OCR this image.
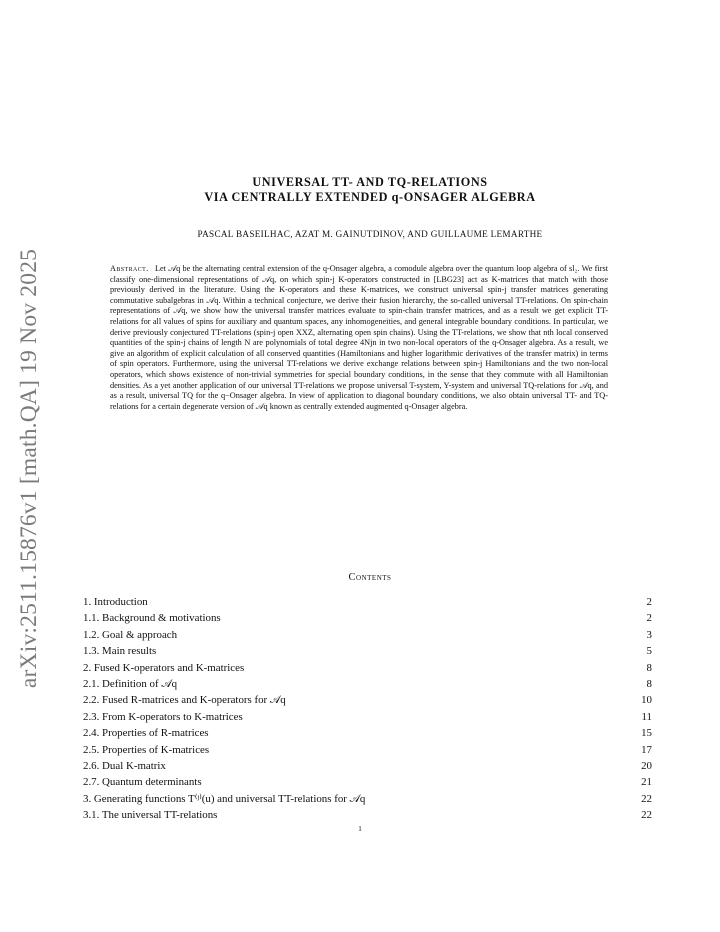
arXiv:2511.15876v1 [math.QA] 19 Nov 2025
UNIVERSAL TT- AND TQ-RELATIONS
VIA CENTRALLY EXTENDED q-ONSAGER ALGEBRA
PASCAL BASEILHAC, AZAT M. GAINUTDINOV, AND GUILLAUME LEMARTHE
Abstract. Let 𝒜q be the alternating central extension of the q-Onsager algebra, a comodule algebra over the quantum loop algebra of sl₂. We first classify one-dimensional representations of 𝒜q, on which spin-j K-operators constructed in [LBG23] act as K-matrices that match with those previously derived in the literature. Using the K-operators and these K-matrices, we construct universal spin-j transfer matrices generating commutative subalgebras in 𝒜q. Within a technical conjecture, we derive their fusion hierarchy, the so-called universal TT-relations. On spin-chain representations of 𝒜q, we show how the universal transfer matrices evaluate to spin-chain transfer matrices, and as a result we get explicit TT-relations for all values of spins for auxiliary and quantum spaces, any inhomogeneities, and general integrable boundary conditions. In particular, we derive previously conjectured TT-relations (spin-j open XXZ, alternating open spin chains). Using the TT-relations, we show that nth local conserved quantities of the spin-j chains of length N are polynomials of total degree 4Njn in two non-local operators of the q-Onsager algebra. As a result, we give an algorithm of explicit calculation of all conserved quantities (Hamiltonians and higher logarithmic derivatives of the transfer matrix) in terms of spin operators. Furthermore, using the universal TT-relations we derive exchange relations between spin-j Hamiltonians and the two non-local operators, which shows existence of non-trivial symmetries for special boundary conditions, in the sense that they commute with all Hamiltonian densities. As a yet another application of our universal TT-relations we propose universal T-system, Y-system and universal TQ-relations for 𝒜q, and as a result, universal TQ for the q−Onsager algebra. In view of application to diagonal boundary conditions, we also obtain universal TT- and TQ-relations for a certain degenerate version of 𝒜q known as centrally extended augmented q-Onsager algebra.
Contents
1. Introduction	2
1.1. Background & motivations	2
1.2. Goal & approach	3
1.3. Main results	5
2. Fused K-operators and K-matrices	8
2.1. Definition of 𝒜q	8
2.2. Fused R-matrices and K-operators for 𝒜q	10
2.3. From K-operators to K-matrices	11
2.4. Properties of R-matrices	15
2.5. Properties of K-matrices	17
2.6. Dual K-matrix	20
2.7. Quantum determinants	21
3. Generating functions T⁽ʲ⁾(u) and universal TT-relations for 𝒜q	22
3.1. The universal TT-relations	22
1
